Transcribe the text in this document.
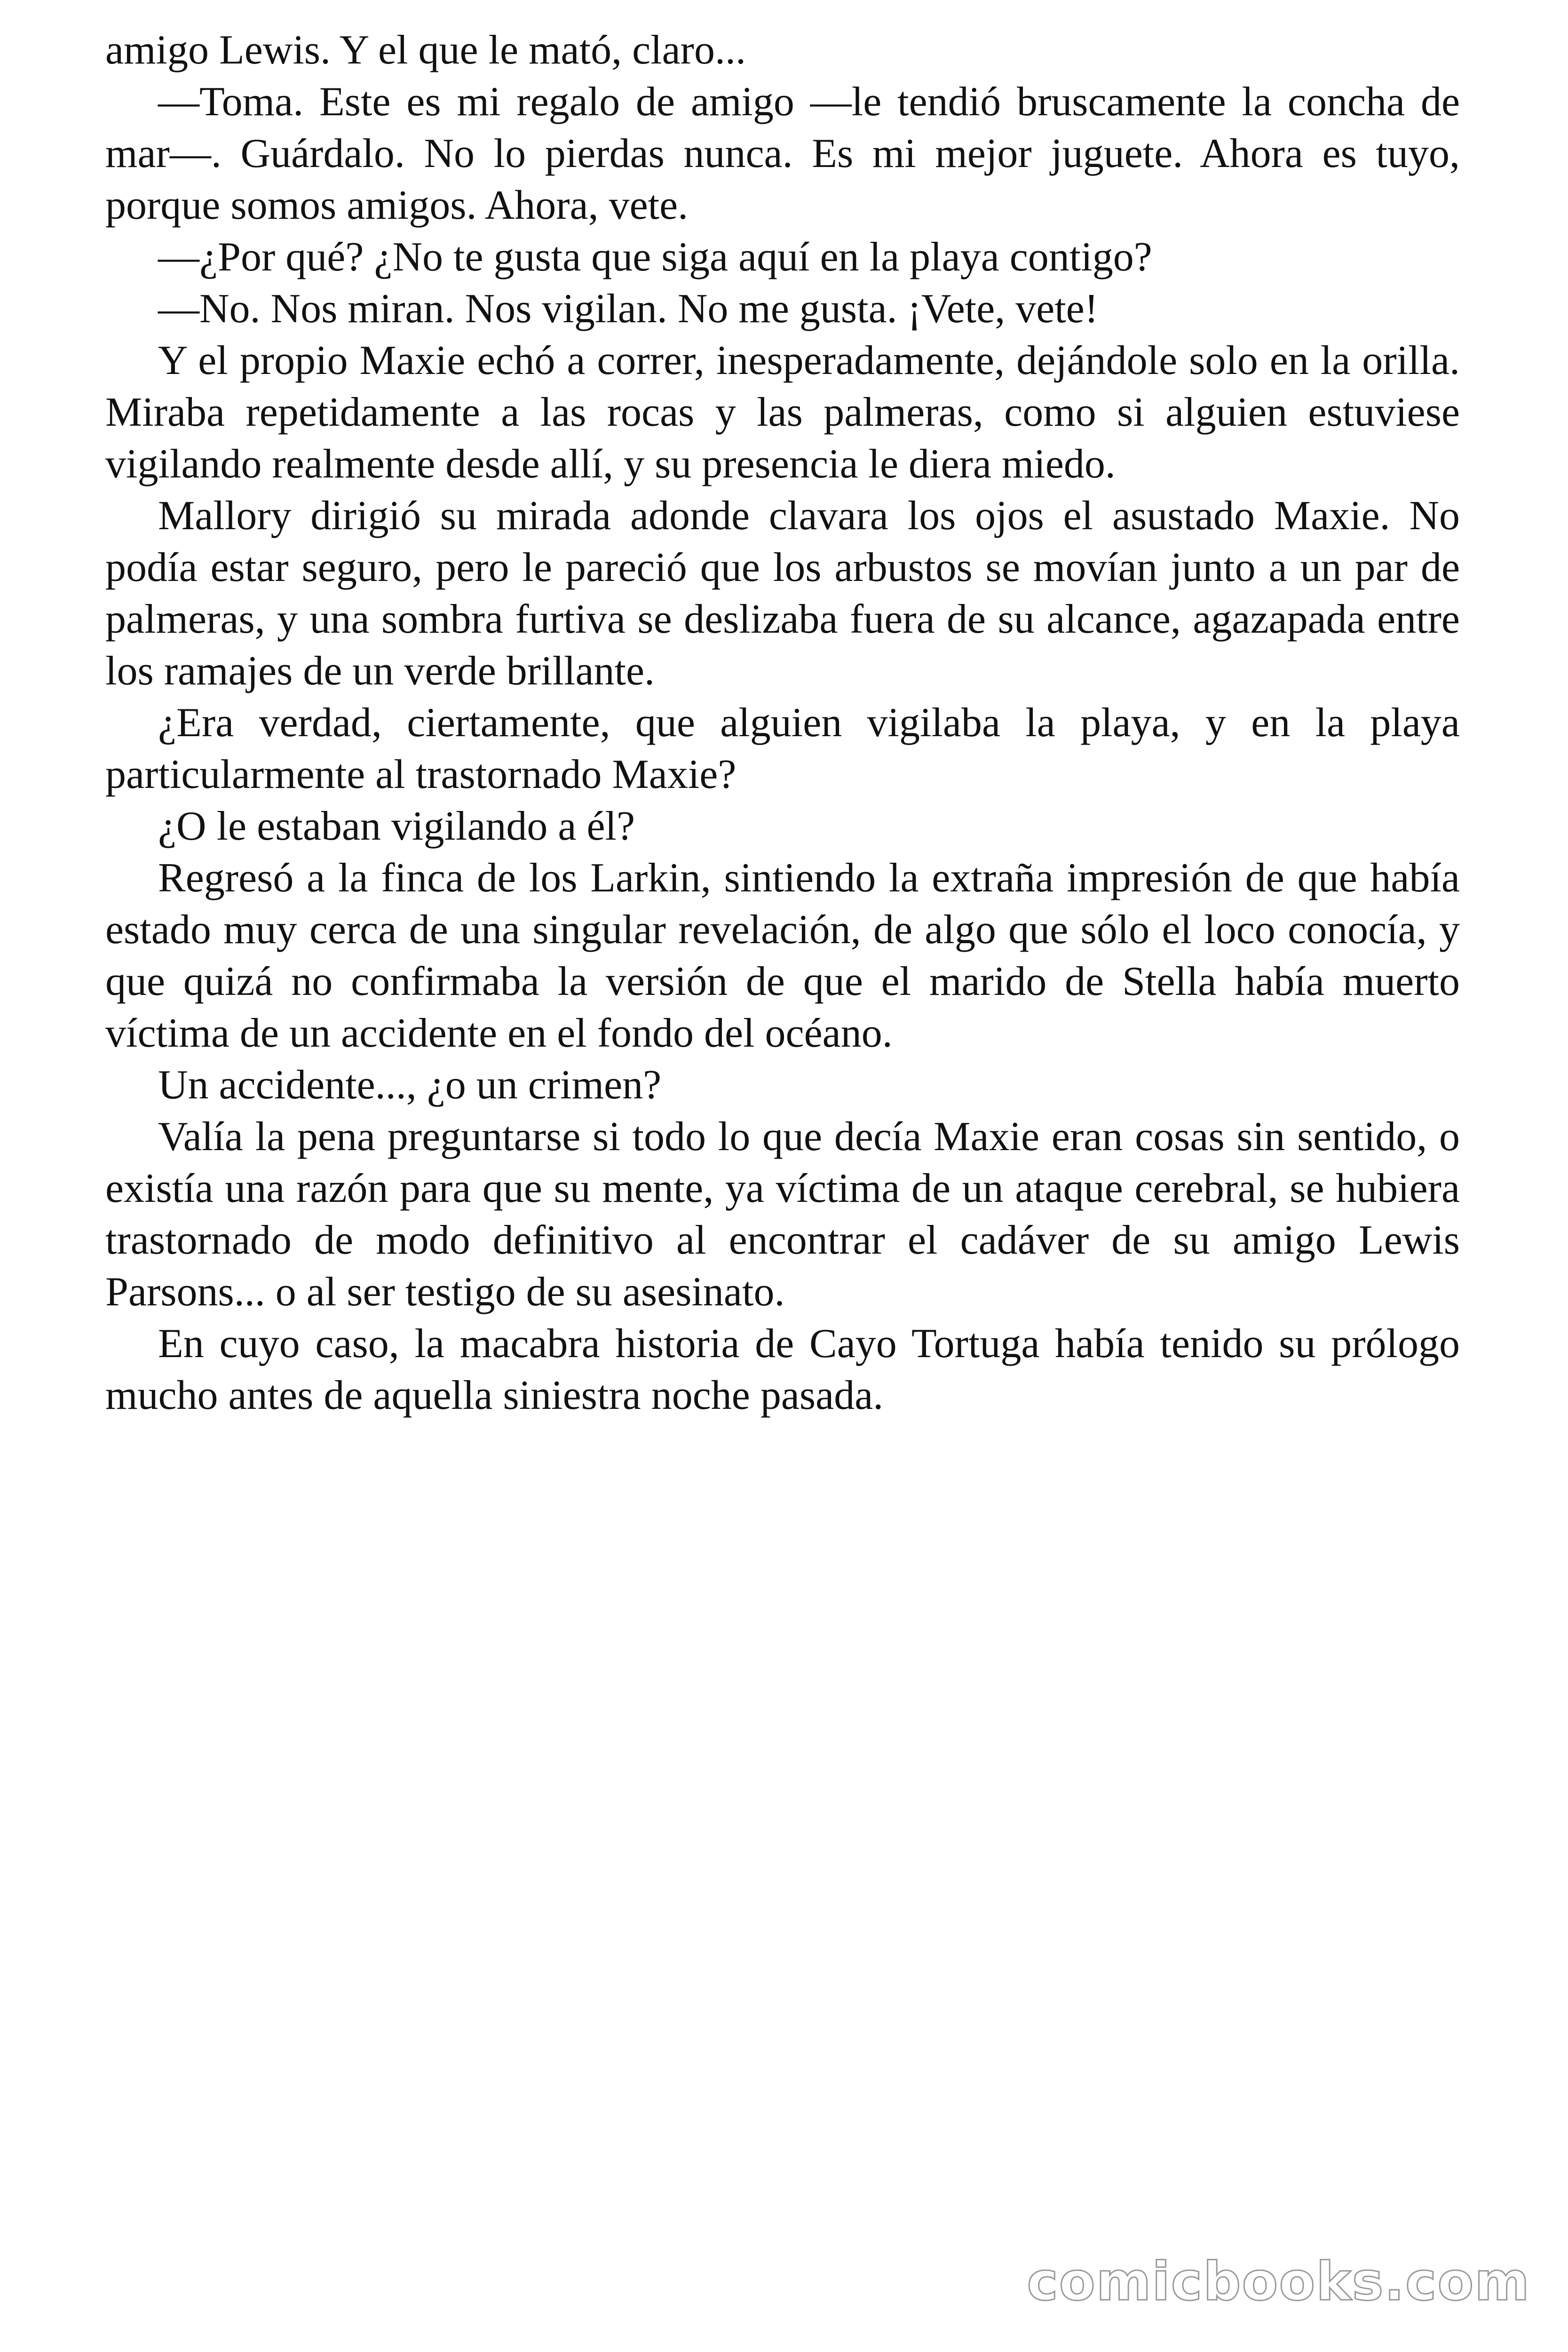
amigo Lewis. Y el que le mató, claro...

—Toma. Este es mi regalo de amigo —le tendió bruscamente la concha de mar—. Guárdalo. No lo pierdas nunca. Es mi mejor juguete. Ahora es tuyo, porque somos amigos. Ahora, vete.

—¿Por qué? ¿No te gusta que siga aquí en la playa contigo?

—No. Nos miran. Nos vigilan. No me gusta. ¡Vete, vete!

Y el propio Maxie echó a correr, inesperadamente, dejándole solo en la orilla. Miraba repetidamente a las rocas y las palmeras, como si alguien estuviese vigilando realmente desde allí, y su presencia le diera miedo.

Mallory dirigió su mirada adonde clavara los ojos el asustado Maxie. No podía estar seguro, pero le pareció que los arbustos se movían junto a un par de palmeras, y una sombra furtiva se deslizaba fuera de su alcance, agazapada entre los ramajes de un verde brillante.

¿Era verdad, ciertamente, que alguien vigilaba la playa, y en la playa particularmente al trastornado Maxie?

¿O le estaban vigilando a él?

Regresó a la finca de los Larkin, sintiendo la extraña impresión de que había estado muy cerca de una singular revelación, de algo que sólo el loco conocía, y que quizá no confirmaba la versión de que el marido de Stella había muerto víctima de un accidente en el fondo del océano.

Un accidente..., ¿o un crimen?

Valía la pena preguntarse si todo lo que decía Maxie eran cosas sin sentido, o existía una razón para que su mente, ya víctima de un ataque cerebral, se hubiera trastornado de modo definitivo al encontrar el cadáver de su amigo Lewis Parsons... o al ser testigo de su asesinato.

En cuyo caso, la macabra historia de Cayo Tortuga había tenido su prólogo mucho antes de aquella siniestra noche pasada.

comicbooks.com
